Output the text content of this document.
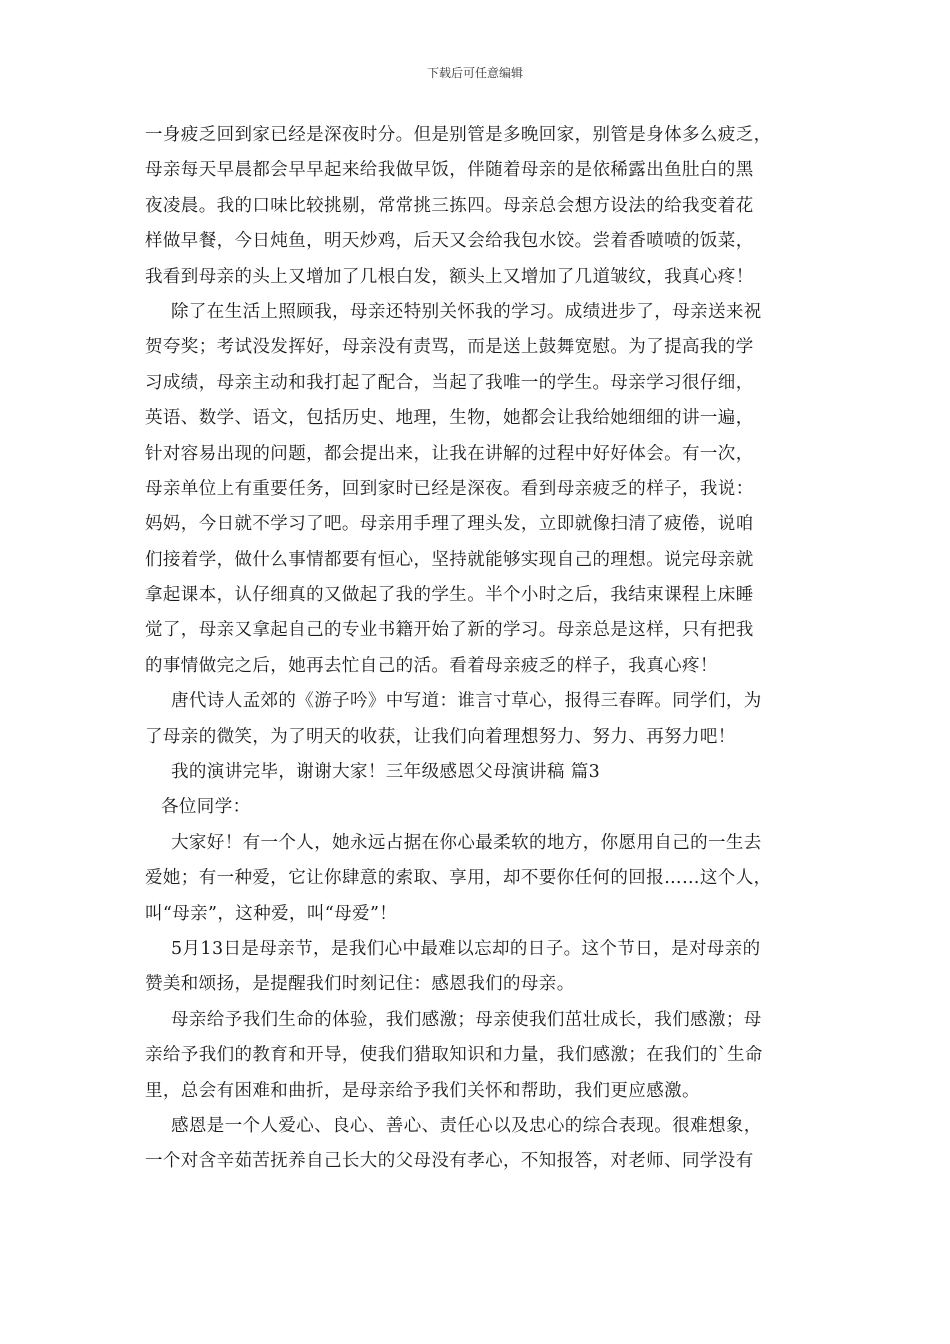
下载后可任意编辑
一身疲乏回到家已经是深夜时分。但是别管是多晚回家，别管是身体多么疲乏，
母亲每天早晨都会早早起来给我做早饭，伴随着母亲的是依稀露出鱼肚白的黑
夜凌晨。我的口味比较挑剔，常常挑三拣四。母亲总会想方设法的给我变着花
样做早餐，今日炖鱼，明天炒鸡，后天又会给我包水饺。尝着香喷喷的饭菜，
我看到母亲的头上又增加了几根白发，额头上又增加了几道皱纹，我真心疼！
除了在生活上照顾我，母亲还特别关怀我的学习。成绩进步了，母亲送来祝
贺夸奖；考试没发挥好，母亲没有责骂，而是送上鼓舞宽慰。为了提高我的学
习成绩，母亲主动和我打起了配合，当起了我唯一的学生。母亲学习很仔细，
英语、数学、语文，包括历史、地理，生物，她都会让我给她细细的讲一遍，
针对容易出现的问题，都会提出来，让我在讲解的过程中好好体会。有一次，
母亲单位上有重要任务，回到家时已经是深夜。看到母亲疲乏的样子，我说：
妈妈，今日就不学习了吧。母亲用手理了理头发，立即就像扫清了疲倦，说咱
们接着学，做什么事情都要有恒心，坚持就能够实现自己的理想。说完母亲就
拿起课本，认仔细真的又做起了我的学生。半个小时之后，我结束课程上床睡
觉了，母亲又拿起自己的专业书籍开始了新的学习。母亲总是这样，只有把我
的事情做完之后，她再去忙自己的活。看着母亲疲乏的样子，我真心疼！
唐代诗人孟郊的《游子吟》中写道：谁言寸草心，报得三春晖。同学们，为
了母亲的微笑，为了明天的收获，让我们向着理想努力、努力、再努力吧！
我的演讲完毕，谢谢大家！三年级感恩父母演讲稿 篇3
各位同学：
大家好！有一个人，她永远占据在你心最柔软的地方，你愿用自己的一生去
爱她；有一种爱，它让你肆意的索取、享用，却不要你任何的回报……这个人，
叫“母亲”，这种爱，叫“母爱”！
5月13日是母亲节，是我们心中最难以忘却的日子。这个节日，是对母亲的
赞美和颂扬，是提醒我们时刻记住：感恩我们的母亲。
母亲给予我们生命的体验，我们感激；母亲使我们茁壮成长，我们感激；母
亲给予我们的教育和开导，使我们猎取知识和力量，我们感激；在我们的`生命
里，总会有困难和曲折，是母亲给予我们关怀和帮助，我们更应感激。
感恩是一个人爱心、良心、善心、责任心以及忠心的综合表现。很难想象，
一个对含辛茹苦抚养自己长大的父母没有孝心，不知报答，对老师、同学没有
